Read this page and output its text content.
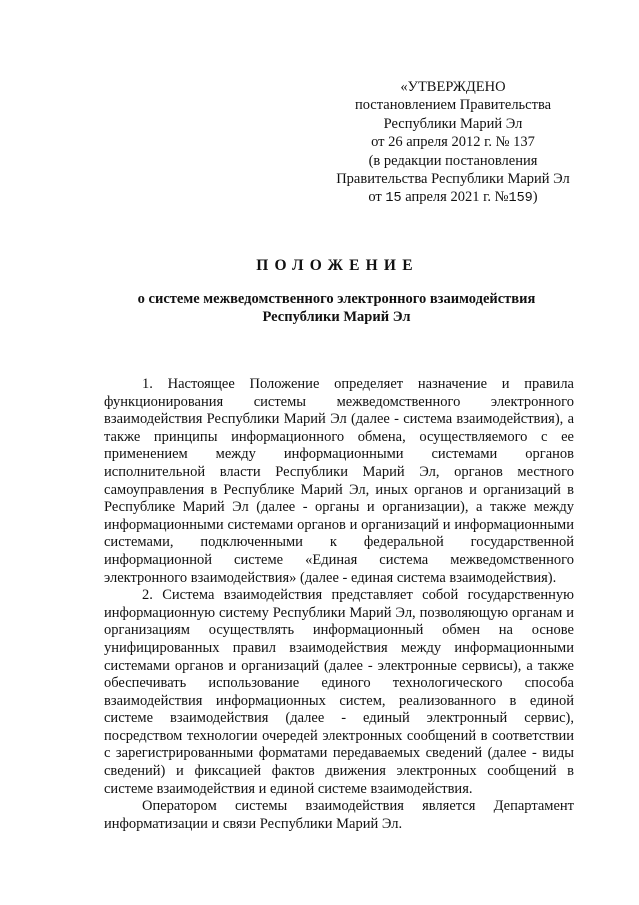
«УТВЕРЖДЕНО
постановлением Правительства
Республики Марий Эл
от 26 апреля 2012 г. № 137
(в редакции постановления
Правительства Республики Марий Эл
от 15 апреля 2021 г. №159)
ПОЛОЖЕНИЕ
о системе межведомственного электронного взаимодействия
Республики Марий Эл

1. Настоящее Положение определяет назначение и правила функционирования системы межведомственного электронного взаимодействия Республики Марий Эл (далее - система взаимодействия), а также принципы информационного обмена, осуществляемого с ее применением между информационными системами органов исполнительной власти Республики Марий Эл, органов местного самоуправления в Республике Марий Эл, иных органов и организаций в Республике Марий Эл (далее - органы и организации), а также между информационными системами органов и организаций и информационными системами, подключенными к федеральной государственной информационной системе «Единая система межведомственного электронного взаимодействия» (далее - единая система взаимодействия).

2. Система взаимодействия представляет собой государственную информационную систему Республики Марий Эл, позволяющую органам и организациям осуществлять информационный обмен на основе унифицированных правил взаимодействия между информационными системами органов и организаций (далее - электронные сервисы), а также обеспечивать использование единого технологического способа взаимодействия информационных систем, реализованного в единой системе взаимодействия (далее - единый электронный сервис), посредством технологии очередей электронных сообщений в соответствии с зарегистрированными форматами передаваемых сведений (далее - виды сведений) и фиксацией фактов движения электронных сообщений в системе взаимодействия и единой системе взаимодействия.

Оператором системы взаимодействия является Департамент информатизации и связи Республики Марий Эл.
